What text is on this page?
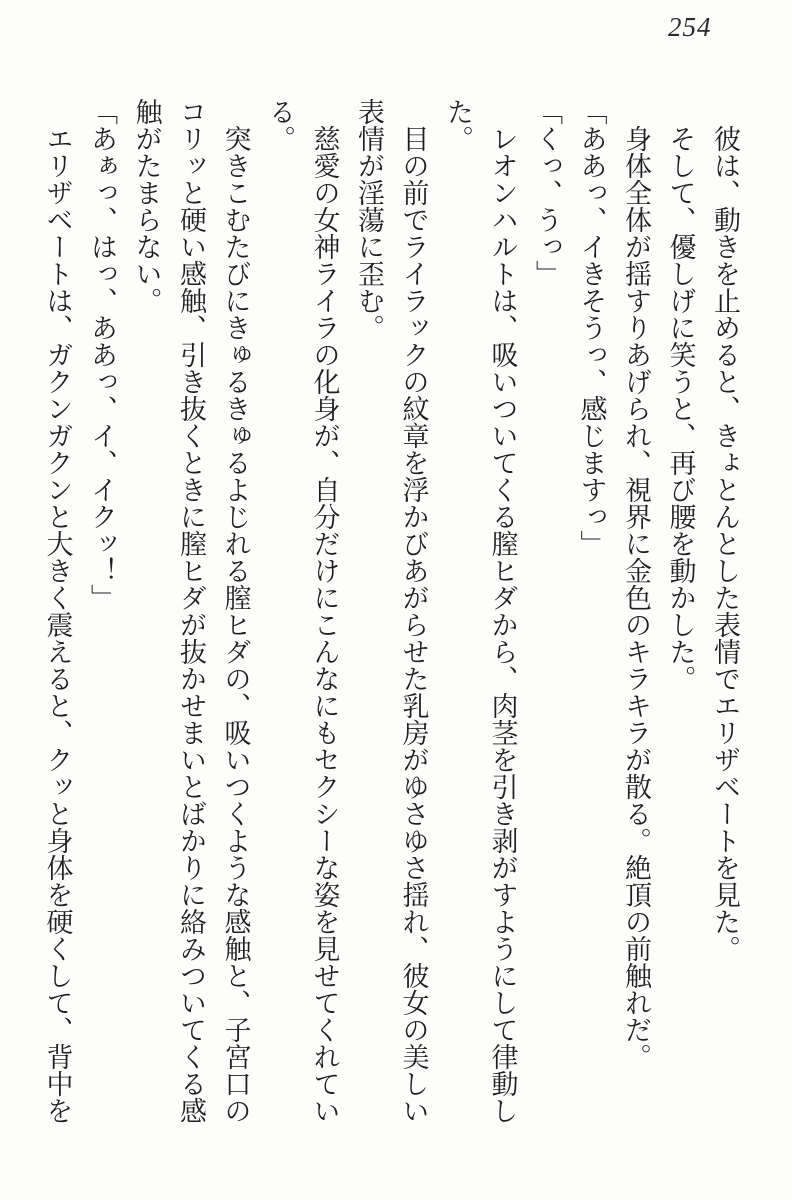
254

　彼は、動きを止めると、きょとんとした表情でエリザベートを見た。

　そして、優しげに笑うと、再び腰を動かした。

　身体全体が揺すりあげられ、視界に金色のキラキラが散る。絶頂の前触れだ。

「ああっ、イきそうっ、感じますっ」

「くっ、うっ」

　レオンハルトは、吸いついてくる膣ヒダから、肉茎を引き剥がすようにして律動し

た。

　目の前でライラックの紋章を浮かびあがらせた乳房がゆさゆさ揺れ、彼女の美しい

表情が淫蕩に歪む。

　慈愛の女神ライラの化身が、自分だけにこんなにもセクシーな姿を見せてくれてい

る。

　突きこむたびにきゅるきゅるよじれる膣ヒダの、吸いつくような感触と、子宮口の

コリッと硬い感触、引き抜くときに膣ヒダが抜かせまいとばかりに絡みついてくる感

触がたまらない。

「あぁっ、はっ、ああっ、イ、イクッ！」

　エリザベートは、ガクンガクンと大きく震えると、クッと身体を硬くして、背中を
